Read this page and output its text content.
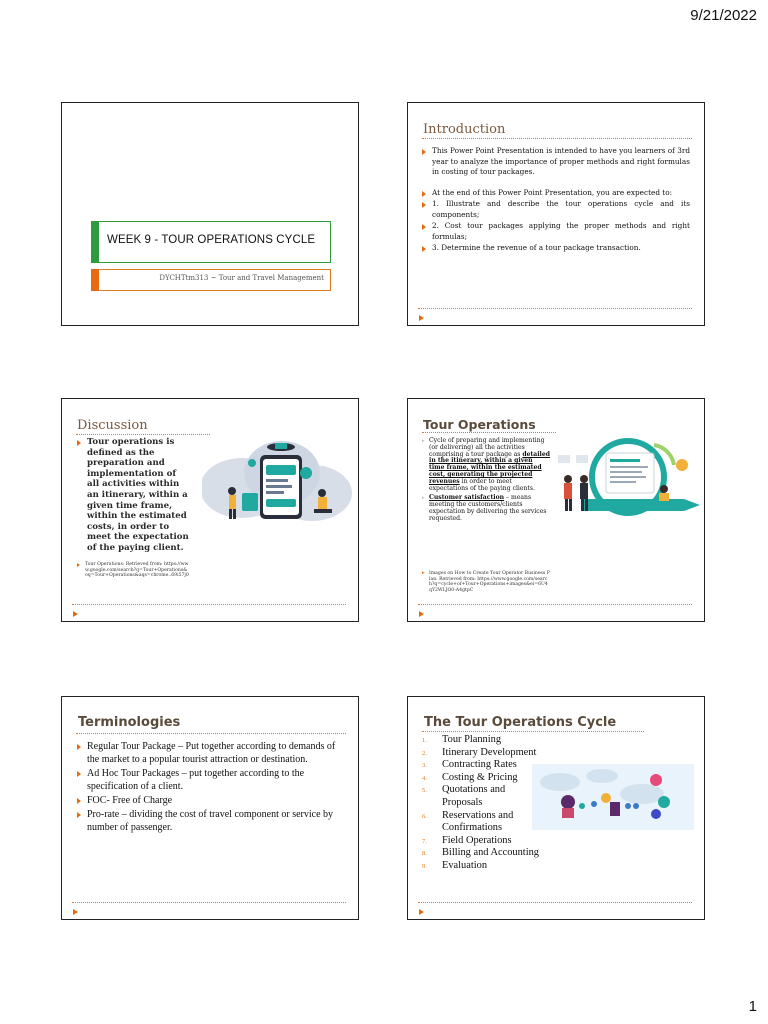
9/21/2022
WEEK 9 - TOUR OPERATIONS CYCLE
DYCHTtm313 ~ Tour and Travel Management
Introduction
This Power Point Presentation is intended to have you learners of 3rd year to analyze the importance of proper methods and right formulas in costing of tour packages.
At the end of this Power Point Presentation, you are expected to:
1. Illustrate and describe the tour operations cycle and its components;
2. Cost tour packages applying the proper methods and right formulas;
3. Determine the revenue of a tour package transaction.
Discussion
Tour operations is defined as the preparation and implementation of all activities within an itinerary, within a given time frame, within the estimated costs, in order to meet the expectation of the paying client.
Tour Operations: Retrieved from: https://www.google.com/search?q=Tour+Operations&oq=Tour+Operations&aqs=chrome..69i57j0
Tour Operations
▸ Cycle of preparing and implementing (or delivering) all the activities comprising a tour package as detailed in the itinerary, within a given time frame, within the estimated cost, generating the projected revenues in order to meet expectations of the paying clients.
▸ Customer satisfaction – means meeting the customers/clients expectation by delivering the services requested.
▸ Images on How to Create Tour Operator Business Plan. Retrieved from: https://www.google.com/search?q=cycle+of+Tour+Operations+images&ei=6U4qY2WLJO0-A4gtpC
Terminologies
Regular Tour Package – Put together according to demands of the market to a popular tourist attraction or destination.
Ad Hoc Tour Packages – put together according to the specification of a client.
FOC- Free of Charge
Pro-rate – dividing the cost of travel component or service by number of passenger.
The Tour Operations Cycle
1. Tour Planning
2. Itinerary Development
3. Contracting Rates
4. Costing & Pricing
5. Quotations and Proposals
6. Reservations and Confirmations
7. Field Operations
8. Billing and Accounting
9. Evaluation
1
